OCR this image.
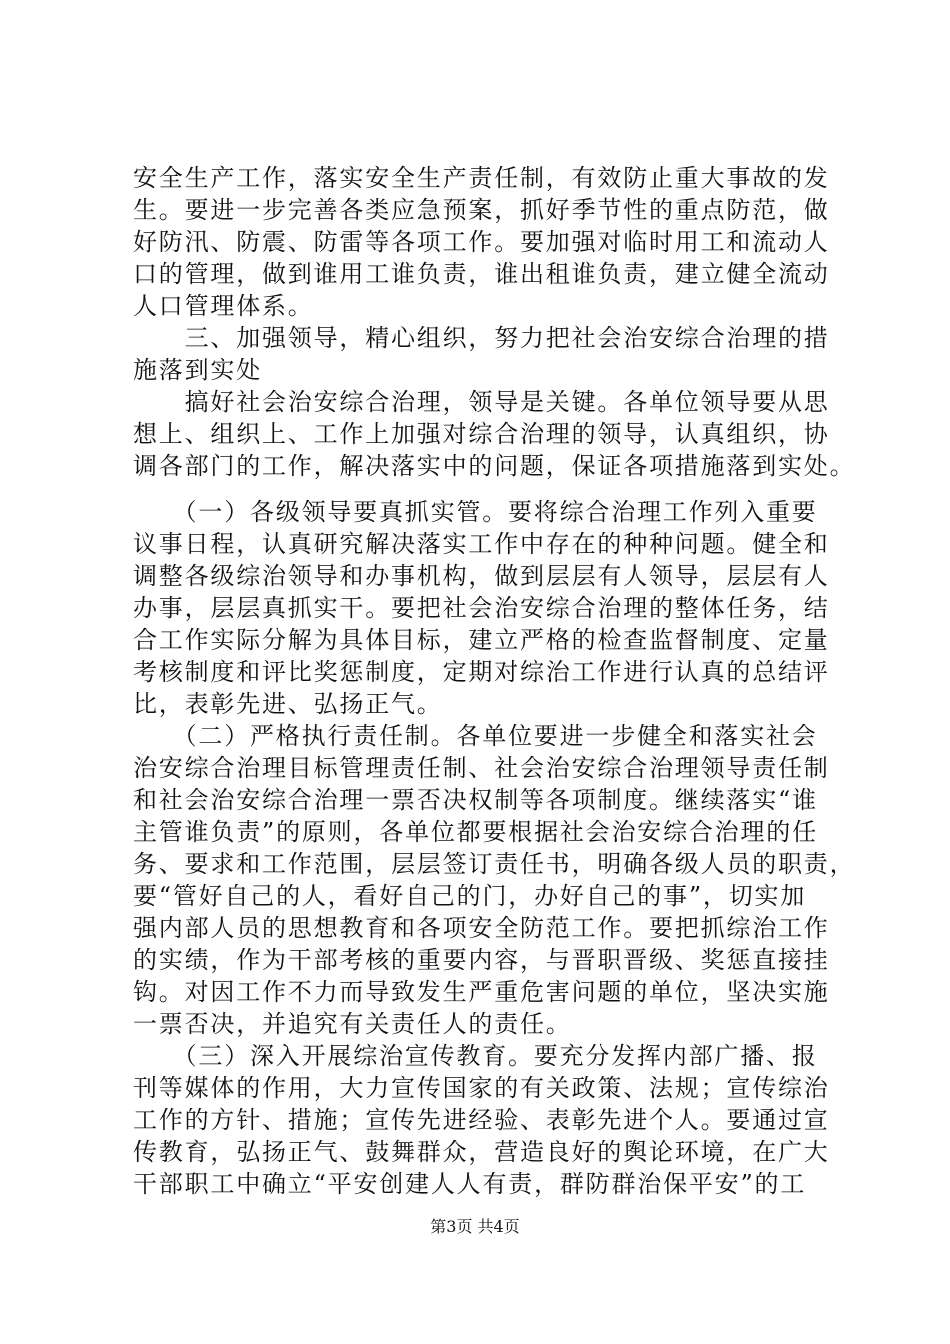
安全生产工作，落实安全生产责任制，有效防止重大事故的发
生。要进一步完善各类应急预案，抓好季节性的重点防范，做
好防汛、防震、防雷等各项工作。要加强对临时用工和流动人
口的管理，做到谁用工谁负责，谁出租谁负责，建立健全流动
人口管理体系。
　　三、加强领导，精心组织，努力把社会治安综合治理的措
施落到实处
　　搞好社会治安综合治理，领导是关键。各单位领导要从思
想上、组织上、工作上加强对综合治理的领导，认真组织，协
调各部门的工作，解决落实中的问题，保证各项措施落到实处。
　　（一）各级领导要真抓实管。要将综合治理工作列入重要
议事日程，认真研究解决落实工作中存在的种种问题。健全和
调整各级综治领导和办事机构，做到层层有人领导，层层有人
办事，层层真抓实干。要把社会治安综合治理的整体任务，结
合工作实际分解为具体目标，建立严格的检查监督制度、定量
考核制度和评比奖惩制度，定期对综治工作进行认真的总结评
比，表彰先进、弘扬正气。
　　（二）严格执行责任制。各单位要进一步健全和落实社会
治安综合治理目标管理责任制、社会治安综合治理领导责任制
和社会治安综合治理一票否决权制等各项制度。继续落实“谁
主管谁负责”的原则，各单位都要根据社会治安综合治理的任
务、要求和工作范围，层层签订责任书，明确各级人员的职责，
要“管好自己的人，看好自己的门，办好自己的事”，切实加
强内部人员的思想教育和各项安全防范工作。要把抓综治工作
的实绩，作为干部考核的重要内容，与晋职晋级、奖惩直接挂
钩。对因工作不力而导致发生严重危害问题的单位，坚决实施
一票否决，并追究有关责任人的责任。
　　（三）深入开展综治宣传教育。要充分发挥内部广播、报
刊等媒体的作用，大力宣传国家的有关政策、法规；宣传综治
工作的方针、措施；宣传先进经验、表彰先进个人。要通过宣
传教育，弘扬正气、鼓舞群众，营造良好的舆论环境，在广大
干部职工中确立“平安创建人人有责，群防群治保平安”的工
第3页 共4页
